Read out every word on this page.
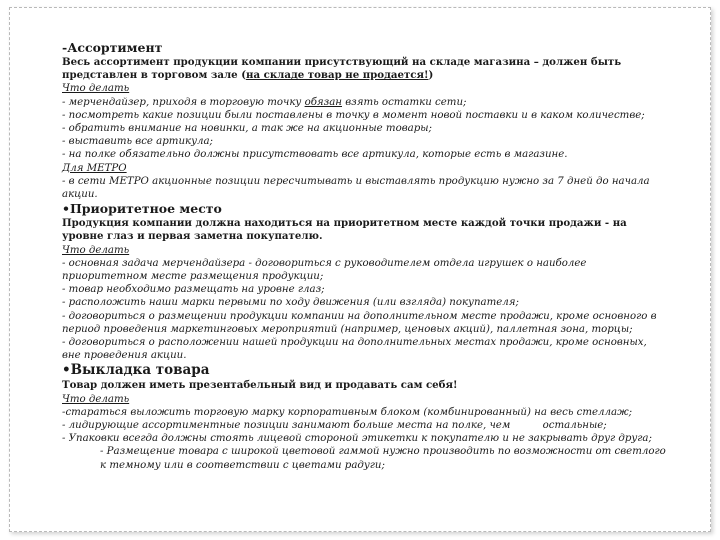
-Ассортимент

Весь ассортимент продукции компании присутствующий на складе магазина – должен быть представлен в торговом зале (на складе товар не продается!)

Что делать

- мерчендайзер, приходя в торговую точку обязан взять остатки сети;

- посмотреть какие позиции были поставлены в точку в момент новой поставки и в каком количестве;

- обратить внимание на новинки, а так же на акционные товары;

- выставить все артикула;

- на полке обязательно должны присутствовать все артикула, которые есть в магазине.

Для МЕТРО

- в сети МЕТРО акционные позиции пересчитывать и выставлять продукцию нужно за 7 дней до начала акции.

•Приоритетное место

Продукция компании должна находиться на приоритетном месте каждой точки продажи - на уровне глаз и первая заметна покупателю.

Что делать

- основная задача мерчендайзера - договориться с руководителем отдела игрушек о наиболее приоритетном месте размещения продукции;

- товар необходимо размещать на уровне глаз;

- расположить наши марки первыми по ходу движения (или взгляда) покупателя;

- договориться о размещении продукции компании на дополнительном месте продажи, кроме основного в период проведения маркетинговых мероприятий (например, ценовых акций), паллетная зона, торцы;

- договориться о расположении нашей продукции на дополнительных местах продажи, кроме основных, вне проведения акции.

•Выкладка товара

Товар должен иметь презентабельный вид и продавать сам себя!

Что делать

-стараться выложить торговую марку корпоративным блоком (комбинированный) на весь стеллаж;

- лидирующие ассортиментные позиции занимают больше места на полке, чем          остальные;

- Упаковки всегда должны стоять лицевой стороной этикетки к покупателю и не закрывать друг друга;

- Размещение товара с широкой цветовой гаммой нужно производить по возможности от светлого к темному или в соответствии с цветами радуги;
